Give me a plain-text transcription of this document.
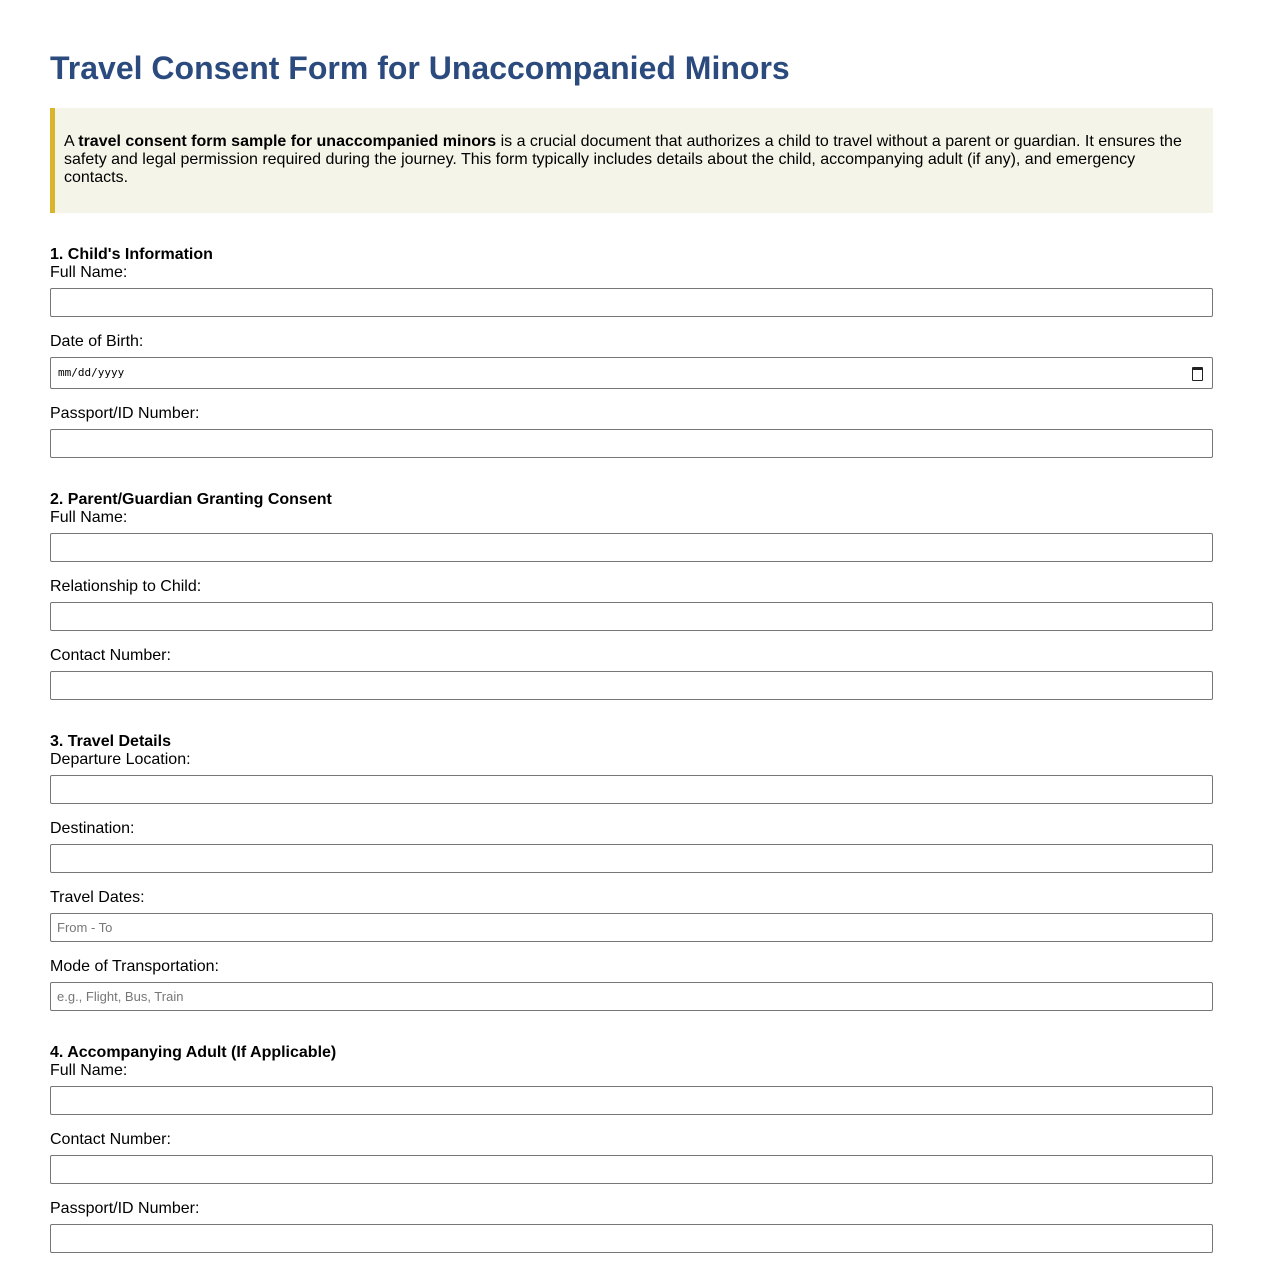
Travel Consent Form for Unaccompanied Minors
A travel consent form sample for unaccompanied minors is a crucial document that authorizes a child to travel without a parent or guardian. It ensures the safety and legal permission required during the journey. This form typically includes details about the child, accompanying adult (if any), and emergency contacts.
1. Child's Information
Full Name:
Date of Birth:
mm/dd/yyyy
Passport/ID Number:
2. Parent/Guardian Granting Consent
Full Name:
Relationship to Child:
Contact Number:
3. Travel Details
Departure Location:
Destination:
Travel Dates:
From - To
Mode of Transportation:
e.g., Flight, Bus, Train
4. Accompanying Adult (If Applicable)
Full Name:
Contact Number:
Passport/ID Number:
